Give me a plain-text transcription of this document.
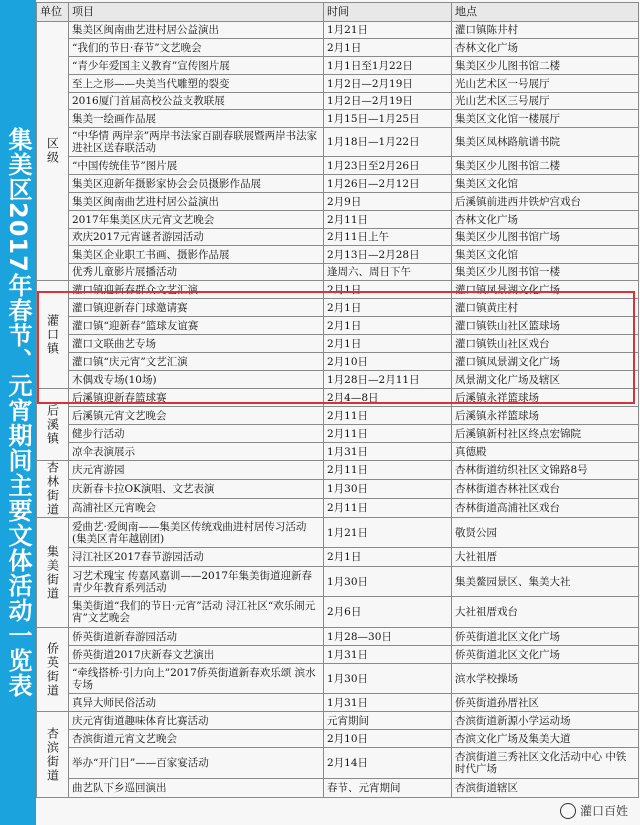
集美区2017年春节、元宵期间主要文体活动一览表
单位	项目	时间	地点
区级	集美区闽南曲艺进村居公益演出	1月21日	灌口镇陈井村
	“我们的节日·春节”文艺晚会	2月1日	杏林文化广场
	“青少年爱国主义教育”宣传图片展	1月1日至1月22日	集美区少儿图书馆二楼
	至上之形——央美当代雕塑的裂变	1月2日—2月19日	光山艺术区一号展厅
	2016厦门首届高校公益支教联展	1月2日—2月19日	光山艺术区三号展厅
	集美一绘画作品展	1月15日—1月25日	集美区文化馆一楼展厅
	“中华情 两岸亲”两岸书法家百副春联展暨两岸书法家进社区送春联活动	1月18日—1月22日	集美区凤林路航谱书院
	“中国传统佳节”图片展	1月23日至2月26日	集美区少儿图书馆二楼
	集美区迎新年摄影家协会会员摄影作品展	1月26日—2月12日	集美区文化馆
	集美区闽南曲艺进村居公益演出	2月9日	后溪镇前进西井铁炉宫戏台
	2017年集美区庆元宵文艺晚会	2月11日	杏林文化广场
	欢庆2017元宵谜者游园活动	2月11日上午	集美区少儿图书馆广场
	集美区企业职工书画、摄影作品展	2月13日—2月28日	集美区文化馆
	优秀儿童影片展播活动	逢周六、周日下午	集美区少儿图书馆一楼
灌口镇	灌口镇迎新春群众文艺汇演	2月1日	灌口镇凤景湖文化广场
	灌口镇迎新春门球邀请赛	2月1日	灌口镇黄庄村
	灌口镇“迎新春”篮球友谊赛	2月1日	灌口镇铁山社区篮球场
	灌口文联曲艺专场	2月1日	灌口镇铁山社区戏台
	灌口镇“庆元宵”文艺汇演	2月10日	灌口镇凤景湖文化广场
	木偶戏专场(10场)	1月28日—2月11日	凤景湖文化广场及辖区
后溪镇	后溪镇迎新春篮球赛	2月4—8日	后溪镇永祥篮球场
	后溪镇元宵文艺晚会	2月11日	后溪镇永祥篮球场
	健步行活动	2月11日	后溪镇新村社区终点宏锦院
	凉伞表演展示	1月31日	真德殿
杏林街道	庆元宵游园	2月11日	杏林街道纺织社区文锦路8号
	庆新春卡拉OK演唱、文艺表演	1月30日	杏林街道杏林社区戏台
	高浦社区元宵晚会	2月11日	杏林街道高浦社区戏台
集美街道	爱曲艺·爱闽南——集美区传统戏曲进村居传习活动(集美区青年越剧团)	1月21日	敬贤公园
	浔江社区2017春节游园活动	2月1日	大社祖厝
	习艺术瑰宝 传嘉风嘉训——2017年集美街道迎新春青少年教育系列活动	1月30日	集美鳌园景区、集美大社
	集美街道“我们的节日·元宵”活动 浔江社区“欢乐闹元宵”文艺晚会	2月6日	大社祖厝戏台
侨英街道	侨英街道新春游园活动	1月28—30日	侨英街道北区文化广场
	侨英街道2017庆新春文艺演出	1月31日	侨英街道北区文化广场
	“牵线搭桥·引力向上”2017侨英街道新春欢乐颂 滨水专场	1月30日	滨水学校操场
	真异大师民俗活动	1月31日	侨英街道孙厝社区
杏滨街道	庆元宵街道趣味体育比赛活动	元宵期间	杏滨街道新源小学运动场
	杏滨街道元宵文艺晚会	2月10日	杏滨文化广场及集美大道
	举办“开门日”——百家宴活动	2月14日	杏滨街道三秀社区文化活动中心 中铁时代广场
	曲艺队下乡巡回演出	春节、元宵期间	杏滨街道辖区
灌口百姓
